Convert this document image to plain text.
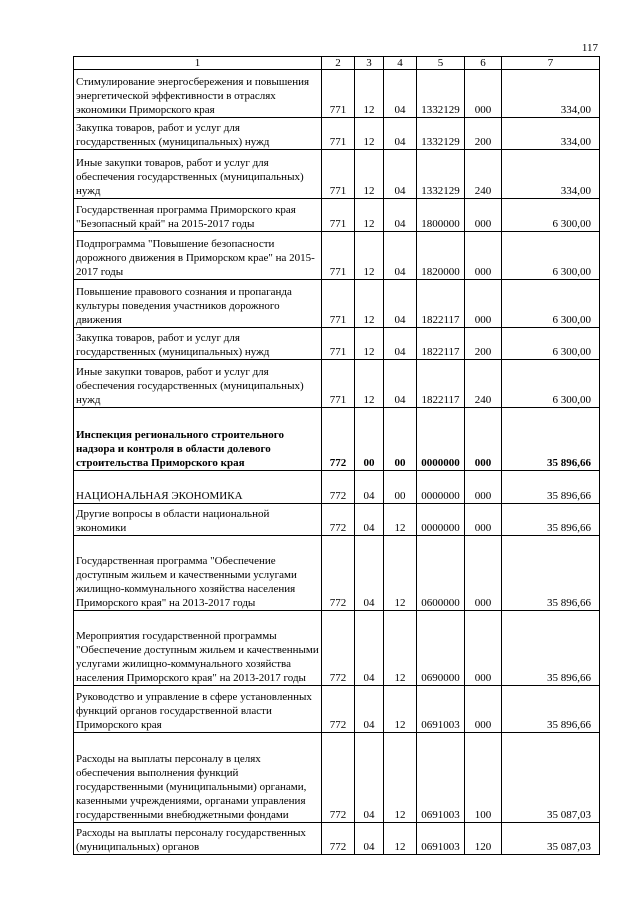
117
1	2	3	4	5	6	7
Стимулирование энергосбережения и повышения энергетической эффективности в отраслях экономики Приморского края	771	12	04	1332129	000	334,00
Закупка товаров, работ и услуг для государственных (муниципальных) нужд	771	12	04	1332129	200	334,00
Иные закупки товаров, работ и услуг для обеспечения государственных (муниципальных) нужд	771	12	04	1332129	240	334,00
Государственная программа Приморского края "Безопасный край" на 2015-2017 годы	771	12	04	1800000	000	6 300,00
Подпрограмма "Повышение безопасности дорожного движения в Приморском крае" на 2015-2017 годы	771	12	04	1820000	000	6 300,00
Повышение правового сознания и пропаганда культуры поведения участников дорожного движения	771	12	04	1822117	000	6 300,00
Закупка товаров, работ и услуг для государственных (муниципальных) нужд	771	12	04	1822117	200	6 300,00
Иные закупки товаров, работ и услуг для обеспечения государственных (муниципальных) нужд	771	12	04	1822117	240	6 300,00
Инспекция регионального строительного надзора и контроля в области долевого строительства Приморского края	772	00	00	0000000	000	35 896,66
НАЦИОНАЛЬНАЯ ЭКОНОМИКА	772	04	00	0000000	000	35 896,66
Другие вопросы в области национальной экономики	772	04	12	0000000	000	35 896,66
Государственная программа "Обеспечение доступным жильем и качественными услугами жилищно-коммунального хозяйства населения Приморского края" на 2013-2017 годы	772	04	12	0600000	000	35 896,66
Мероприятия государственной программы "Обеспечение доступным жильем и качественными услугами жилищно-коммунального хозяйства населения Приморского края" на 2013-2017 годы	772	04	12	0690000	000	35 896,66
Руководство и управление в сфере установленных функций органов государственной власти Приморского края	772	04	12	0691003	000	35 896,66
Расходы на выплаты персоналу в целях обеспечения выполнения функций государственными (муниципальными) органами, казенными учреждениями, органами управления государственными внебюджетными фондами	772	04	12	0691003	100	35 087,03
Расходы на выплаты персоналу государственных (муниципальных) органов	772	04	12	0691003	120	35 087,03
